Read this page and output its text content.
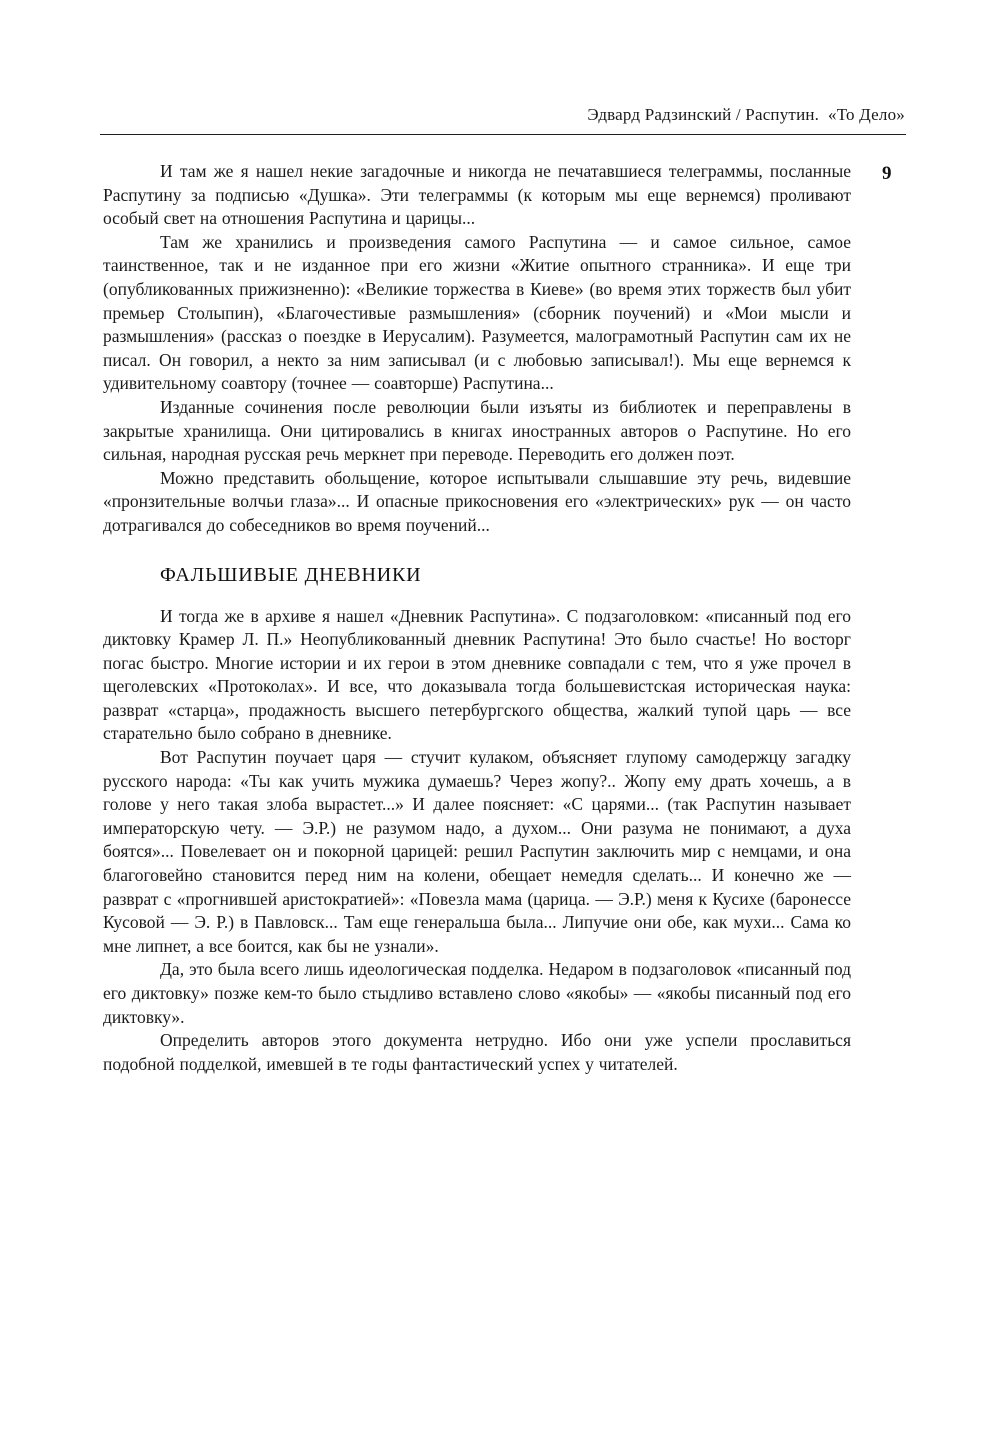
Эдвард Радзинский / Распутин.  «То Дело»
9

И там же я нашел некие загадочные и никогда не печатавшиеся телеграммы, посланные Распутину за подписью «Душка». Эти телеграммы (к которым мы еще вернемся) проливают особый свет на отношения Распутина и царицы...

Там же хранились и произведения самого Распутина — и самое сильное, самое таинственное, так и не изданное при его жизни «Житие опытного странника». И еще три (опубликованных прижизненно): «Великие торжества в Киеве» (во время этих торжеств был убит премьер Столыпин), «Благочестивые размышления» (сборник поучений) и «Мои мысли и размышления» (рассказ о поездке в Иерусалим). Разумеется, малограмотный Распутин сам их не писал. Он говорил, а некто за ним записывал (и с любовью записывал!). Мы еще вернемся к удивительному соавтору (точнее — соавторше) Распутина...

Изданные сочинения после революции были изъяты из библиотек и переправлены в закрытые хранилища. Они цитировались в книгах иностранных авторов о Распутине. Но его сильная, народная русская речь меркнет при переводе. Переводить его должен поэт.

Можно представить обольщение, которое испытывали слышавшие эту речь, видевшие «пронзительные волчьи глаза»... И опасные прикосновения его «электрических» рук — он часто дотрагивался до собеседников во время поучений...

ФАЛЬШИВЫЕ ДНЕВНИКИ

И тогда же в архиве я нашел «Дневник Распутина». С подзаголовком: «писанный под его диктовку Крамер Л. П.» Неопубликованный дневник Распутина! Это было счастье! Но восторг погас быстро. Многие истории и их герои в этом дневнике совпадали с тем, что я уже прочел в щеголевских «Протоколах». И все, что доказывала тогда большевистская историческая наука: разврат «старца», продажность высшего петербургского общества, жалкий тупой царь — все старательно было собрано в дневнике.

Вот Распутин поучает царя — стучит кулаком, объясняет глупому самодержцу загадку русского народа: «Ты как учить мужика думаешь? Через жопу?.. Жопу ему драть хочешь, а в голове у него такая злоба вырастет...» И далее поясняет: «С царями... (так Распутин называет императорскую чету. — Э.Р.) не разумом надо, а духом... Они разума не понимают, а духа боятся»... Повелевает он и покорной царицей: решил Распутин заключить мир с немцами, и она благоговейно становится перед ним на колени, обещает немедля сделать... И конечно же — разврат с «прогнившей аристократией»: «Повезла мама (царица. — Э.Р.) меня к Кусихе (баронессе Кусовой — Э. Р.) в Павловск... Там еще генеральша была... Липучие они обе, как мухи... Сама ко мне липнет, а все боится, как бы не узнали».

Да, это была всего лишь идеологическая подделка. Недаром в подзаголовок «писанный под его диктовку» позже кем-то было стыдливо вставлено слово «якобы» — «якобы писанный под его диктовку».

Определить авторов этого документа нетрудно. Ибо они уже успели прославиться подобной подделкой, имевшей в те годы фантастический успех у читателей.
